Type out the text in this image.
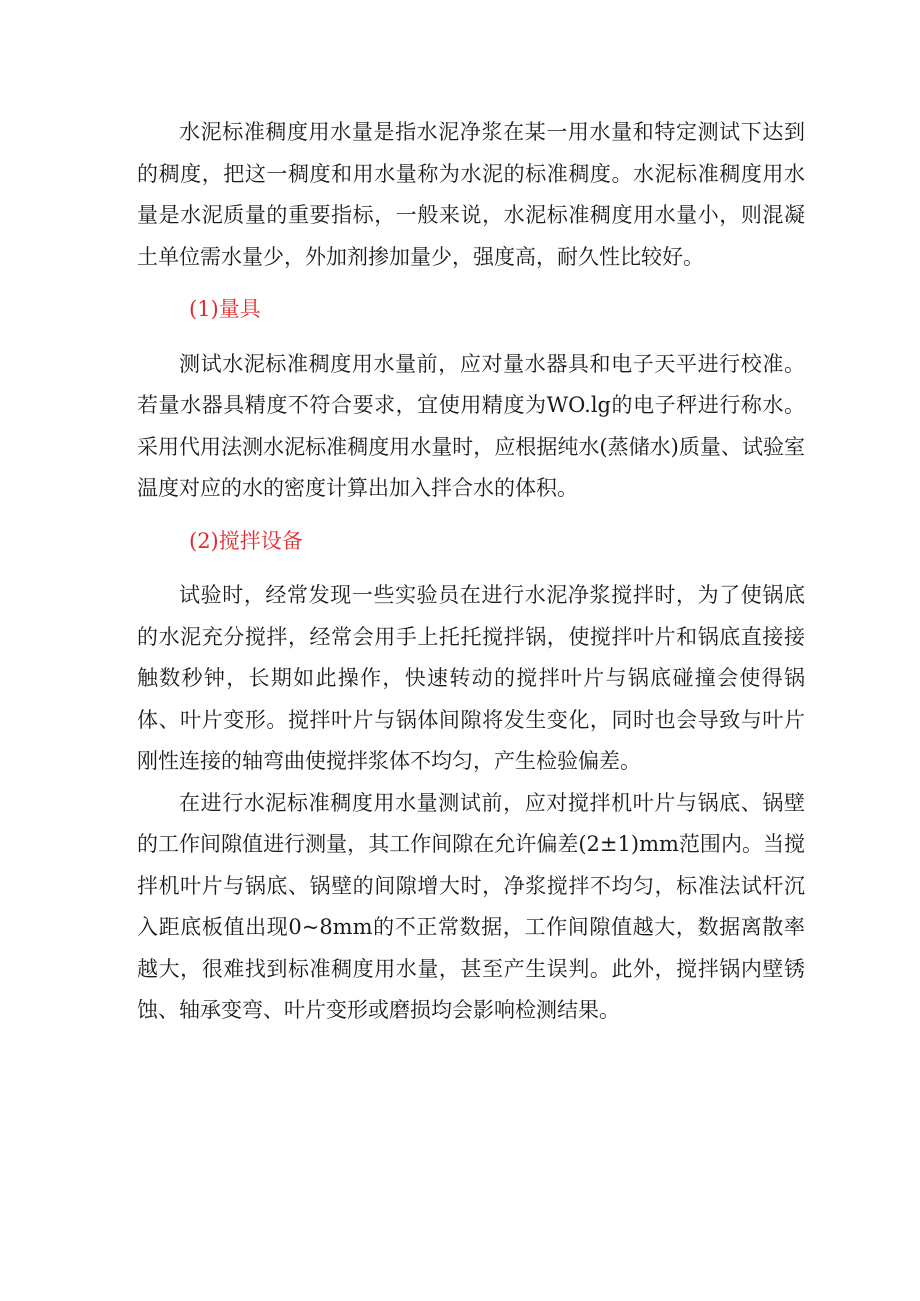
水泥标准稠度用水量是指水泥净浆在某一用水量和特定测试下达到的稠度，把这一稠度和用水量称为水泥的标准稠度。水泥标准稠度用水量是水泥质量的重要指标，一般来说，水泥标准稠度用水量小，则混凝土单位需水量少，外加剂掺加量少，强度高，耐久性比较好。

(1)量具

测试水泥标准稠度用水量前，应对量水器具和电子天平进行校准。若量水器具精度不符合要求，宜使用精度为WO.lg的电子秤进行称水。采用代用法测水泥标准稠度用水量时，应根据纯水(蒸储水)质量、试验室温度对应的水的密度计算出加入拌合水的体积。

(2)搅拌设备

试验时，经常发现一些实验员在进行水泥净浆搅拌时，为了使锅底的水泥充分搅拌，经常会用手上托托搅拌锅，使搅拌叶片和锅底直接接触数秒钟，长期如此操作，快速转动的搅拌叶片与锅底碰撞会使得锅体、叶片变形。搅拌叶片与锅体间隙将发生变化，同时也会导致与叶片刚性连接的轴弯曲使搅拌浆体不均匀，产生检验偏差。

在进行水泥标准稠度用水量测试前，应对搅拌机叶片与锅底、锅壁的工作间隙值进行测量，其工作间隙在允许偏差(2±1)mm范围内。当搅拌机叶片与锅底、锅壁的间隙增大时，净浆搅拌不均匀，标准法试杆沉入距底板值出现0~8mm的不正常数据，工作间隙值越大，数据离散率越大，很难找到标准稠度用水量，甚至产生误判。此外，搅拌锅内壁锈蚀、轴承变弯、叶片变形或磨损均会影响检测结果。
